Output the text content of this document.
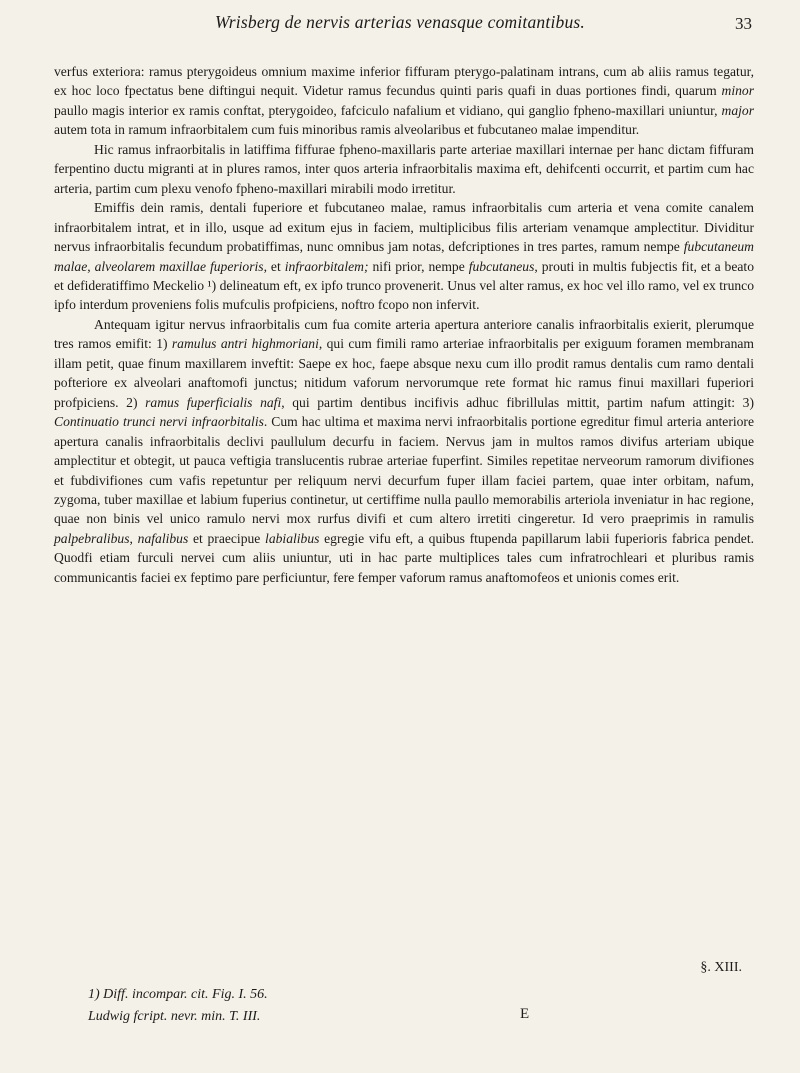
Wrisberg de nervis arterias venasque comitantibus.	33

verfus exteriora: ramus pterygoideus omnium maxime inferior fiffuram pterygo-palatinam intrans, cum ab aliis ramus tegatur, ex hoc loco fpectatus bene diftingui nequit. Videtur ramus fecundus quinti paris quafi in duas portiones findi, quarum minor paullo magis interior ex ramis conftat, pterygoideo, fafciculo nafalium et vidiano, qui ganglio fpheno-maxillari uniuntur, major autem tota in ramum infraorbitalem cum fuis minoribus ramis alveolaribus et fubcutaneo malae impenditur.

Hic ramus infraorbitalis in latiffima fiffurae fpheno-maxillaris parte arteriae maxillari internae per hanc dictam fiffuram ferpentino ductu migranti at in plures ramos, inter quos arteria infraorbitalis maxima eft, dehifcenti occurrit, et partim cum hac arteria, partim cum plexu venofo fpheno-maxillari mirabili modo irretitur.

Emiffis dein ramis, dentali fuperiore et fubcutaneo malae, ramus infraorbitalis cum arteria et vena comite canalem infraorbitalem intrat, et in illo, usque ad exitum ejus in faciem, multiplicibus filis arteriam venamque amplectitur. Dividitur nervus infraorbitalis fecundum probatiffimas, nunc omnibus jam notas, defcriptiones in tres partes, ramum nempe fubcutaneum malae, alveolarem maxillae fuperioris, et infraorbitalem; nifi prior, nempe fubcutaneus, prouti in multis fubjectis fit, et a beato et defideratiffimo Meckelio ¹) delineatum eft, ex ipfo trunco provenerit. Unus vel alter ramus, ex hoc vel illo ramo, vel ex trunco ipfo interdum proveniens folis mufculis profpiciens, noftro fcopo non infervit.

Antequam igitur nervus infraorbitalis cum fua comite arteria apertura anteriore canalis infraorbitalis exierit, plerumque tres ramos emifit: 1) ramulus antri highmoriani, qui cum fimili ramo arteriae infraorbitalis per exiguum foramen membranam illam petit, quae finum maxillarem inveftit: Saepe ex hoc, faepe absque nexu cum illo prodit ramus dentalis cum ramo dentali pofteriore ex alveolari anaftomofi junctus; nitidum vaforum nervorumque rete format hic ramus finui maxillari fuperiori profpiciens. 2) ramus fuperficialis nafi, qui partim dentibus incifivis adhuc fibrillulas mittit, partim nafum attingit: 3) Continuatio trunci nervi infraorbitalis. Cum hac ultima et maxima nervi infraorbitalis portione egreditur fimul arteria anteriore apertura canalis infraorbitalis declivi paullulum decurfu in faciem. Nervus jam in multos ramos divifus arteriam ubique amplectitur et obtegit, ut pauca veftigia translucentis rubrae arteriae fuperfint. Similes repetitae nerveorum ramorum divifiones et fubdivifiones cum vafis repetuntur per reliquum nervi decurfum fuper illam faciei partem, quae inter orbitam, nafum, zygoma, tuber maxillae et labium fuperius continetur, ut certiffime nulla paullo memorabilis arteriola inveniatur in hac regione, quae non binis vel unico ramulo nervi mox rurfus divifi et cum altero irretiti cingeretur. Id vero praeprimis in ramulis palpebralibus, nafalibus et praecipue labialibus egregie vifu eft, a quibus ftupenda papillarum labii fuperioris fabrica pendet. Quodfi etiam furculi nervei cum aliis uniuntur, uti in hac parte multiplices tales cum infratrochleari et pluribus ramis communicantis faciei ex feptimo pare perficiuntur, fere femper vaforum ramus anaftomofeos et unionis comes erit.

§. XIII.
1) Diff. incompar. cit. Fig. I. 56.
Ludwig fcript. nevr. min. T. III.	E
